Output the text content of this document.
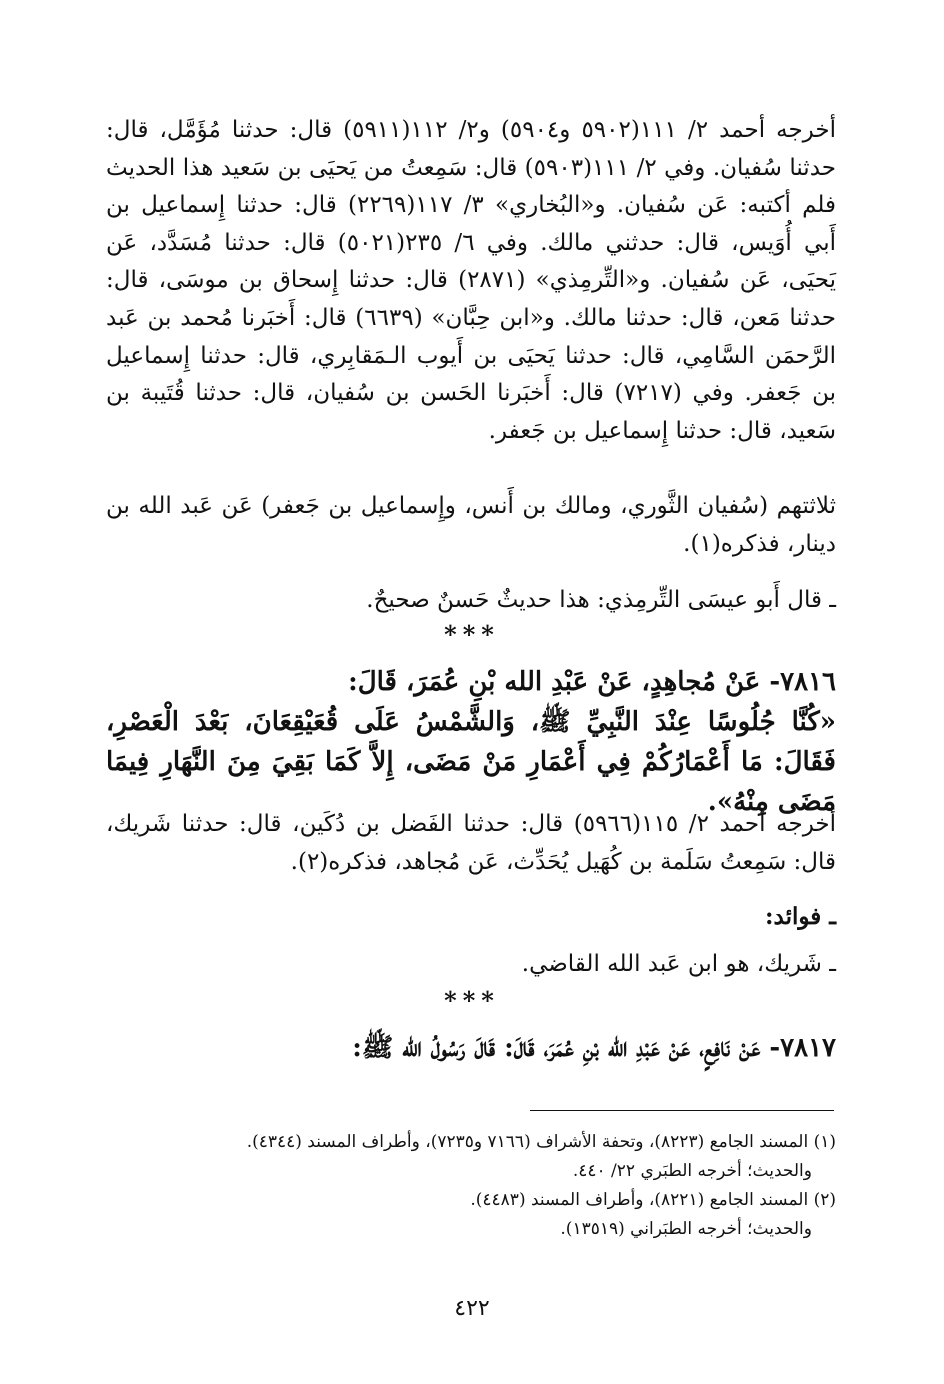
أخرجه أحمد ٢/ ١١١(٥٩٠٢ و٥٩٠٤) و٢/ ١١٢(٥٩١١) قال: حدثنا مُؤَمَّل، قال: حدثنا سُفيان. وفي ٢/ ١١١(٥٩٠٣) قال: سَمِعتُ من يَحيَى بن سَعيد هذا الحديث فلم أكتبه: عَن سُفيان. و«البُخاري» ٣/ ١١٧(٢٢٦٩) قال: حدثنا إِسماعيل بن أَبي أُوَيس، قال: حدثني مالك. وفي ٦/ ٢٣٥(٥٠٢١) قال: حدثنا مُسَدَّد، عَن يَحيَى، عَن سُفيان. و«التِّرمِذي» (٢٨٧١) قال: حدثنا إِسحاق بن موسَى، قال: حدثنا مَعن، قال: حدثنا مالك. و«ابن حِبَّان» (٦٦٣٩) قال: أَخبَرنا مُحمد بن عَبد الرَّحمَن السَّامِي، قال: حدثنا يَحيَى بن أَيوب الـمَقابِري، قال: حدثنا إِسماعيل بن جَعفر. وفي (٧٢١٧) قال: أَخبَرنا الحَسن بن سُفيان، قال: حدثنا قُتَيبة بن سَعيد، قال: حدثنا إِسماعيل بن جَعفر.

ثلاثتهم (سُفيان الثَّوري، ومالك بن أَنس، وإِسماعيل بن جَعفر) عَن عَبد الله بن دينار، فذكره(١).

ـ قال أَبو عيسَى التِّرمِذي: هذا حديثٌ حَسنٌ صحيحٌ.

***

٧٨١٦- عَنْ مُجاهِدٍ، عَنْ عَبْدِ الله بْنِ عُمَرَ، قَالَ:

«كُنَّا جُلُوسًا عِنْدَ النَّبِيِّ ﷺ، وَالشَّمْسُ عَلَى قُعَيْقِعَانَ، بَعْدَ الْعَصْرِ، فَقَالَ: مَا أَعْمَارُكُمْ فِي أَعْمَارِ مَنْ مَضَى، إِلاَّ كَمَا بَقِيَ مِنَ النَّهَارِ فِيمَا مَضَى مِنْهُ».

أخرجه أحمد ٢/ ١١٥(٥٩٦٦) قال: حدثنا الفَضل بن دُكَين، قال: حدثنا شَريك، قال: سَمِعتُ سَلَمة بن كُهَيل يُحَدِّث، عَن مُجاهد، فذكره(٢).

ـ فوائد:

ـ شَريك، هو ابن عَبد الله القاضي.

***

٧٨١٧- عَنْ نَافِعٍ، عَنْ عَبْدِ الله بْنِ عُمَرَ، قَالَ: قَالَ رَسُولُ الله ﷺ:

(١) المسند الجامع (٨٢٢٣)، وتحفة الأشراف (٧١٦٦ و٧٢٣٥)، وأطراف المسند (٤٣٤٤).

والحديث؛ أخرجه الطبَري ٢٢/ ٤٤٠.

(٢) المسند الجامع (٨٢٢١)، وأطراف المسند (٤٤٨٣).

والحديث؛ أخرجه الطبَراني (١٣٥١٩).

٤٢٢
